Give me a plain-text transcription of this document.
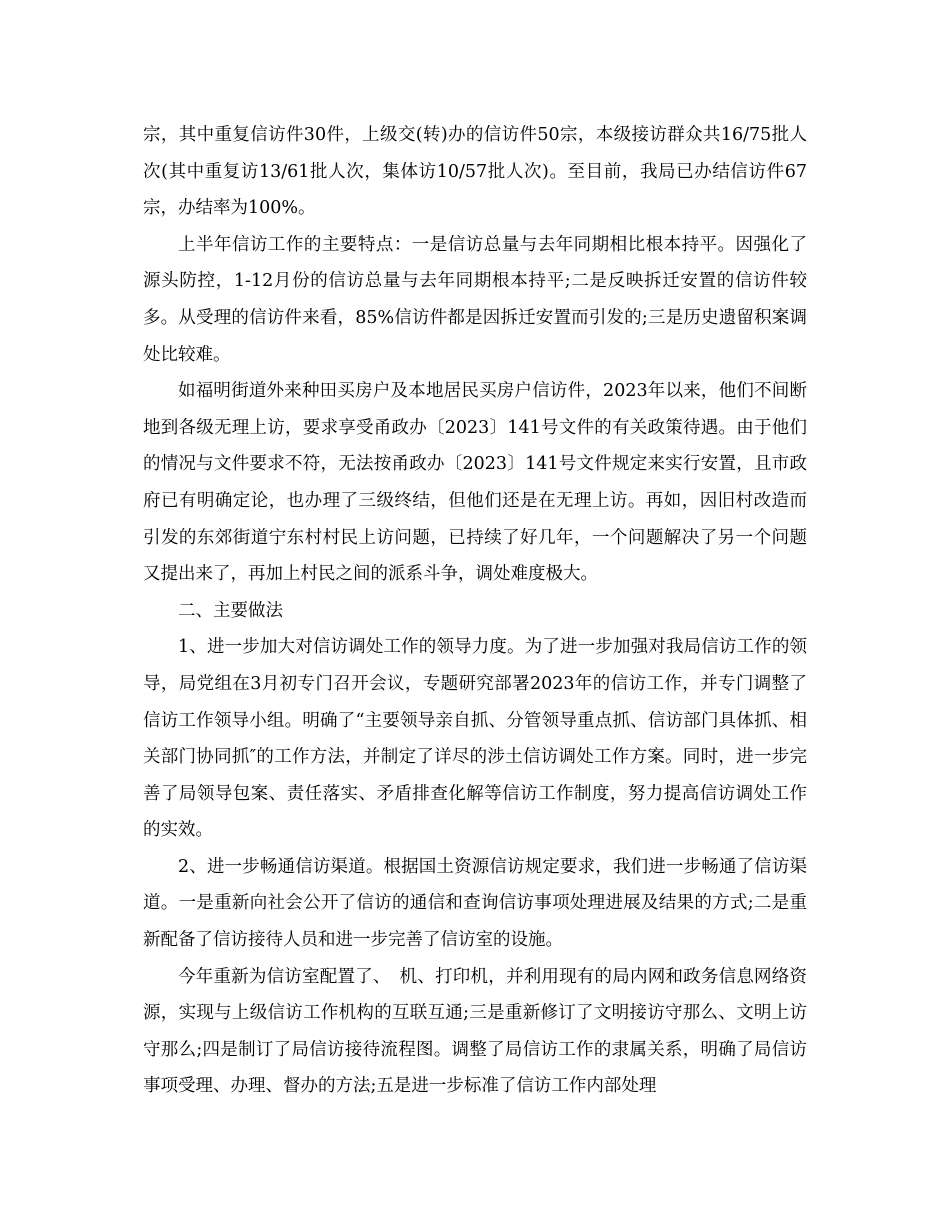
宗，其中重复信访件30件，上级交(转)办的信访件50宗，本级接访群众共16/75批人次(其中重复访13/61批人次，集体访10/57批人次)。至目前，我局已办结信访件67宗，办结率为100%。

上半年信访工作的主要特点：一是信访总量与去年同期相比根本持平。因强化了源头防控，1-12月份的信访总量与去年同期根本持平;二是反映拆迁安置的信访件较多。从受理的信访件来看，85%信访件都是因拆迁安置而引发的;三是历史遗留积案调处比较难。

如福明街道外来种田买房户及本地居民买房户信访件，2023年以来，他们不间断地到各级无理上访，要求享受甬政办〔2023〕141号文件的有关政策待遇。由于他们的情况与文件要求不符，无法按甬政办〔2023〕141号文件规定来实行安置，且市政府已有明确定论，也办理了三级终结，但他们还是在无理上访。再如，因旧村改造而引发的东郊街道宁东村村民上访问题，已持续了好几年，一个问题解决了另一个问题又提出来了，再加上村民之间的派系斗争，调处难度极大。

二、主要做法

1、进一步加大对信访调处工作的领导力度。为了进一步加强对我局信访工作的领导，局党组在3月初专门召开会议，专题研究部署2023年的信访工作，并专门调整了信访工作领导小组。明确了“主要领导亲自抓、分管领导重点抓、信访部门具体抓、相关部门协同抓″的工作方法，并制定了详尽的涉土信访调处工作方案。同时，进一步完善了局领导包案、责任落实、矛盾排查化解等信访工作制度，努力提高信访调处工作的实效。

2、进一步畅通信访渠道。根据国土资源信访规定要求，我们进一步畅通了信访渠道。一是重新向社会公开了信访的通信和查询信访事项处理进展及结果的方式;二是重新配备了信访接待人员和进一步完善了信访室的设施。

今年重新为信访室配置了、　机、打印机，并利用现有的局内网和政务信息网络资源，实现与上级信访工作机构的互联互通;三是重新修订了文明接访守那么、文明上访守那么;四是制订了局信访接待流程图。调整了局信访工作的隶属关系，明确了局信访事项受理、办理、督办的方法;五是进一步标准了信访工作内部处理
